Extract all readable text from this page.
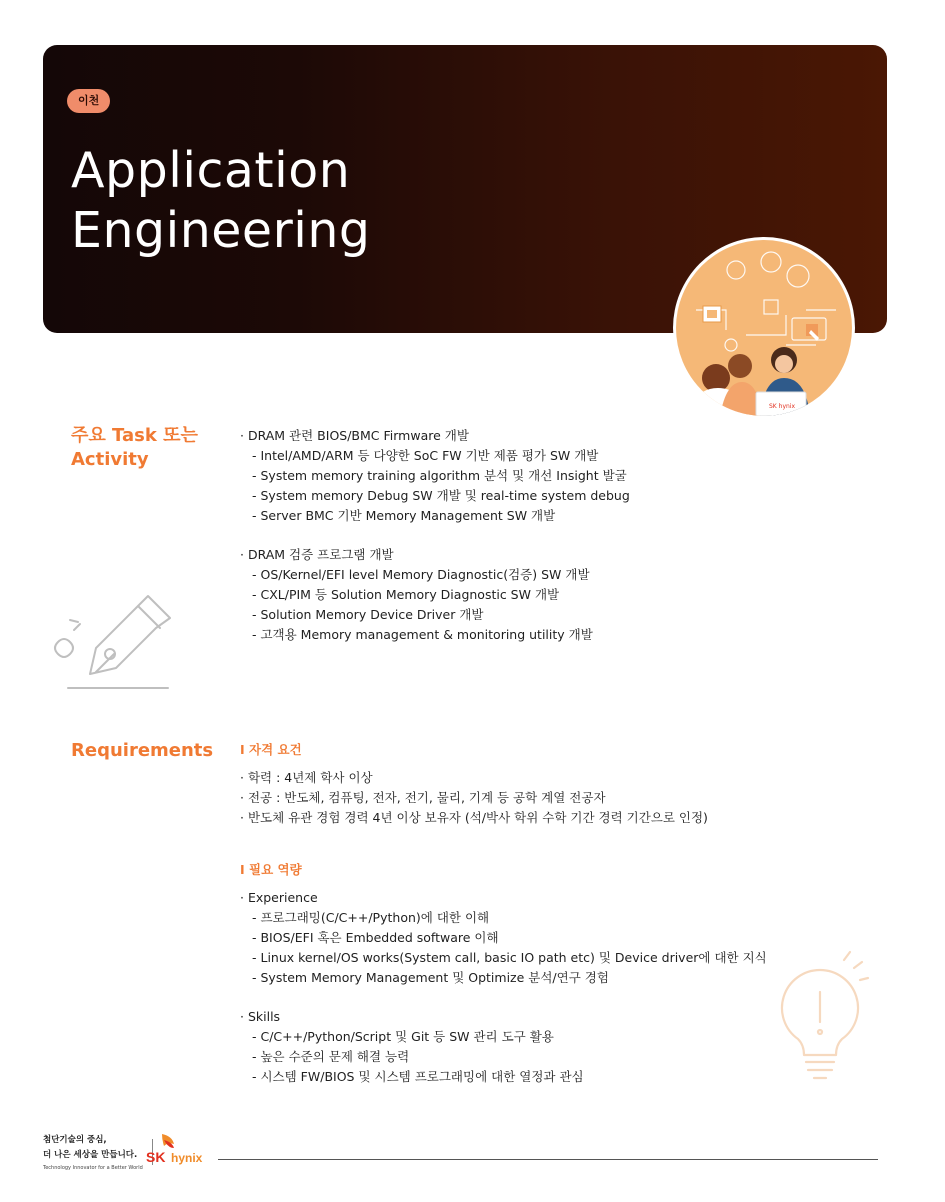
이천
Application
Engineering
SK hynix
주요 Task 또는
Activity
· DRAM 관련 BIOS/BMC Firmware 개발
- Intel/AMD/ARM 등 다양한 SoC FW 기반 제품 평가 SW 개발
- System memory training algorithm 분석 및 개선 Insight 발굴
- System memory Debug SW 개발 및 real-time system debug
- Server BMC 기반 Memory Management SW 개발
· DRAM 검증 프로그램 개발
- OS/Kernel/EFI level Memory Diagnostic(검증) SW 개발
- CXL/PIM 등 Solution Memory Diagnostic SW 개발
- Solution Memory Device Driver 개발
- 고객용 Memory management & monitoring utility 개발
Requirements I 자격 요건
· 학력 : 4년제 학사 이상
· 전공 : 반도체, 컴퓨팅, 전자, 전기, 물리, 기계 등 공학 계열 전공자
· 반도체 유관 경험 경력 4년 이상 보유자 (석/박사 학위 수학 기간 경력 기간으로 인정)
I 필요 역량
· Experience
- 프로그래밍(C/C++/Python)에 대한 이해
- BIOS/EFI 혹은 Embedded software 이해
- Linux kernel/OS works(System call, basic IO path etc) 및 Device driver에 대한 지식
- System Memory Management 및 Optimize 분석/연구 경험
· Skills
- C/C++/Python/Script 및 Git 등 SW 관리 도구 활용
- 높은 수준의 문제 해결 능력
- 시스템 FW/BIOS 및 시스템 프로그래밍에 대한 열정과 관심
첨단기술의 중심,
더 나은 세상을 만듭니다.
Technology Innovator for a Better World
SK hynix
